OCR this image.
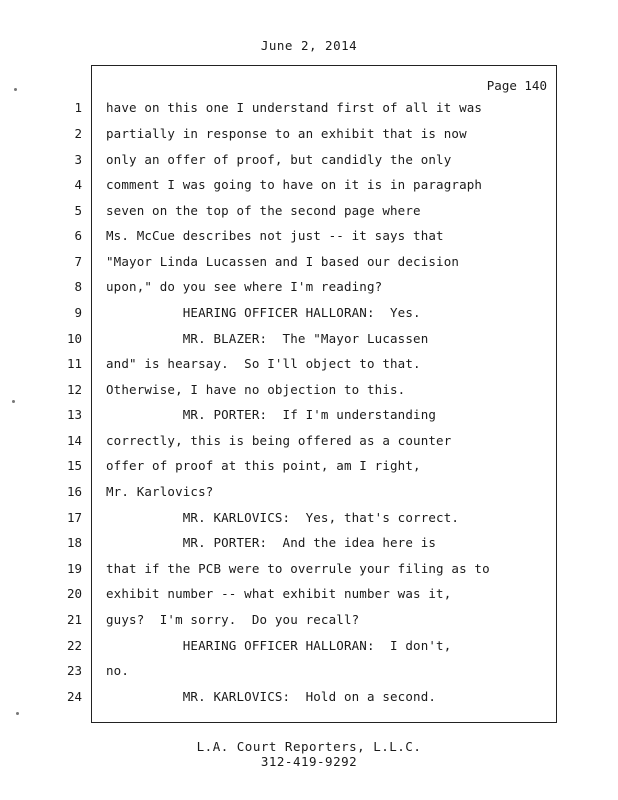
June 2, 2014
Page 140
1 have on this one I understand first of all it was
2 partially in response to an exhibit that is now
3 only an offer of proof, but candidly the only
4 comment I was going to have on it is in paragraph
5 seven on the top of the second page where
6 Ms. McCue describes not just -- it says that
7 "Mayor Linda Lucassen and I based our decision
8 upon," do you see where I'm reading?
9 HEARING OFFICER HALLORAN:  Yes.
10 MR. BLAZER:  The "Mayor Lucassen
11 and" is hearsay.  So I'll object to that.
12 Otherwise, I have no objection to this.
13 MR. PORTER:  If I'm understanding
14 correctly, this is being offered as a counter
15 offer of proof at this point, am I right,
16 Mr. Karlovics?
17 MR. KARLOVICS:  Yes, that's correct.
18 MR. PORTER:  And the idea here is
19 that if the PCB were to overrule your filing as to
20 exhibit number -- what exhibit number was it,
21 guys?  I'm sorry.  Do you recall?
22 HEARING OFFICER HALLORAN:  I don't,
23 no.
24 MR. KARLOVICS:  Hold on a second.
L.A. Court Reporters, L.L.C.
312-419-9292
